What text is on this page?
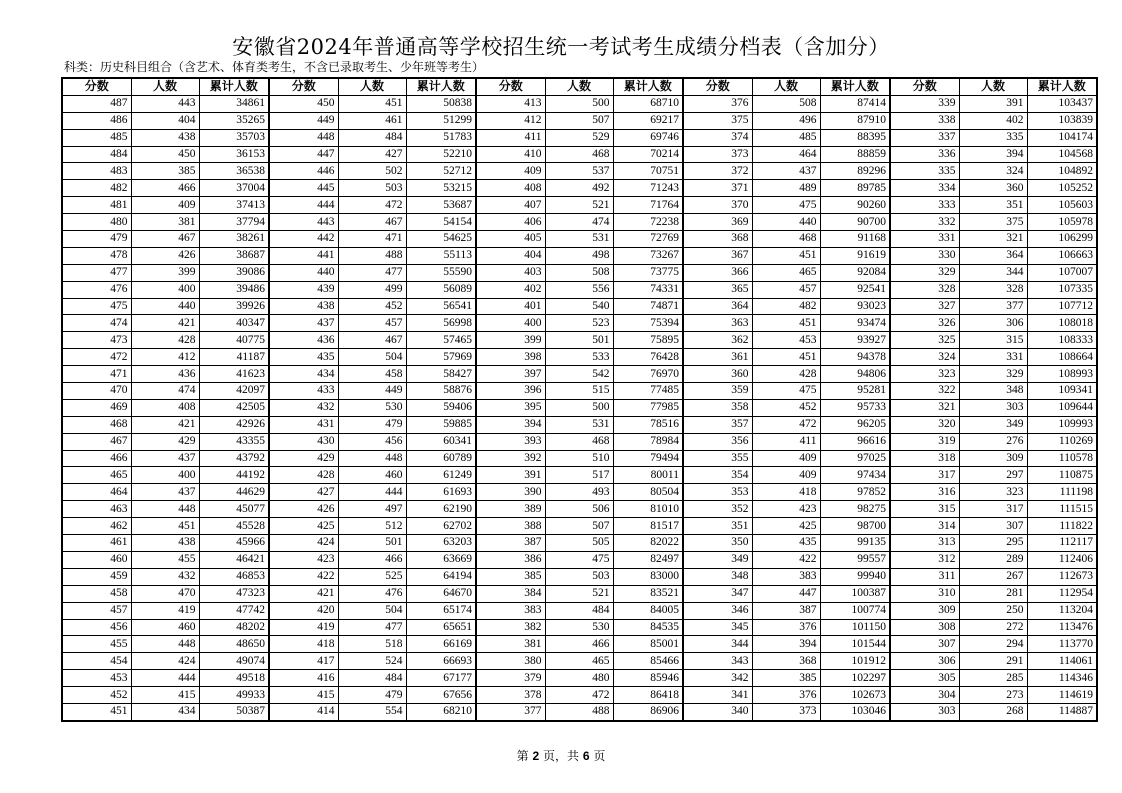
安徽省2024年普通高等学校招生统一考试考生成绩分档表（含加分）
科类：历史科目组合（含艺术、体育类考生，不含已录取考生、少年班等考生）
分数	人数	累计人数	分数	人数	累计人数	分数	人数	累计人数	分数	人数	累计人数	分数	人数	累计人数
487	443	34861	450	451	50838	413	500	68710	376	508	87414	339	391	103437
486	404	35265	449	461	51299	412	507	69217	375	496	87910	338	402	103839
485	438	35703	448	484	51783	411	529	69746	374	485	88395	337	335	104174
484	450	36153	447	427	52210	410	468	70214	373	464	88859	336	394	104568
483	385	36538	446	502	52712	409	537	70751	372	437	89296	335	324	104892
482	466	37004	445	503	53215	408	492	71243	371	489	89785	334	360	105252
481	409	37413	444	472	53687	407	521	71764	370	475	90260	333	351	105603
480	381	37794	443	467	54154	406	474	72238	369	440	90700	332	375	105978
479	467	38261	442	471	54625	405	531	72769	368	468	91168	331	321	106299
478	426	38687	441	488	55113	404	498	73267	367	451	91619	330	364	106663
477	399	39086	440	477	55590	403	508	73775	366	465	92084	329	344	107007
476	400	39486	439	499	56089	402	556	74331	365	457	92541	328	328	107335
475	440	39926	438	452	56541	401	540	74871	364	482	93023	327	377	107712
474	421	40347	437	457	56998	400	523	75394	363	451	93474	326	306	108018
473	428	40775	436	467	57465	399	501	75895	362	453	93927	325	315	108333
472	412	41187	435	504	57969	398	533	76428	361	451	94378	324	331	108664
471	436	41623	434	458	58427	397	542	76970	360	428	94806	323	329	108993
470	474	42097	433	449	58876	396	515	77485	359	475	95281	322	348	109341
469	408	42505	432	530	59406	395	500	77985	358	452	95733	321	303	109644
468	421	42926	431	479	59885	394	531	78516	357	472	96205	320	349	109993
467	429	43355	430	456	60341	393	468	78984	356	411	96616	319	276	110269
466	437	43792	429	448	60789	392	510	79494	355	409	97025	318	309	110578
465	400	44192	428	460	61249	391	517	80011	354	409	97434	317	297	110875
464	437	44629	427	444	61693	390	493	80504	353	418	97852	316	323	111198
463	448	45077	426	497	62190	389	506	81010	352	423	98275	315	317	111515
462	451	45528	425	512	62702	388	507	81517	351	425	98700	314	307	111822
461	438	45966	424	501	63203	387	505	82022	350	435	99135	313	295	112117
460	455	46421	423	466	63669	386	475	82497	349	422	99557	312	289	112406
459	432	46853	422	525	64194	385	503	83000	348	383	99940	311	267	112673
458	470	47323	421	476	64670	384	521	83521	347	447	100387	310	281	112954
457	419	47742	420	504	65174	383	484	84005	346	387	100774	309	250	113204
456	460	48202	419	477	65651	382	530	84535	345	376	101150	308	272	113476
455	448	48650	418	518	66169	381	466	85001	344	394	101544	307	294	113770
454	424	49074	417	524	66693	380	465	85466	343	368	101912	306	291	114061
453	444	49518	416	484	67177	379	480	85946	342	385	102297	305	285	114346
452	415	49933	415	479	67656	378	472	86418	341	376	102673	304	273	114619
451	434	50387	414	554	68210	377	488	86906	340	373	103046	303	268	114887
第 2 页，共 6 页
